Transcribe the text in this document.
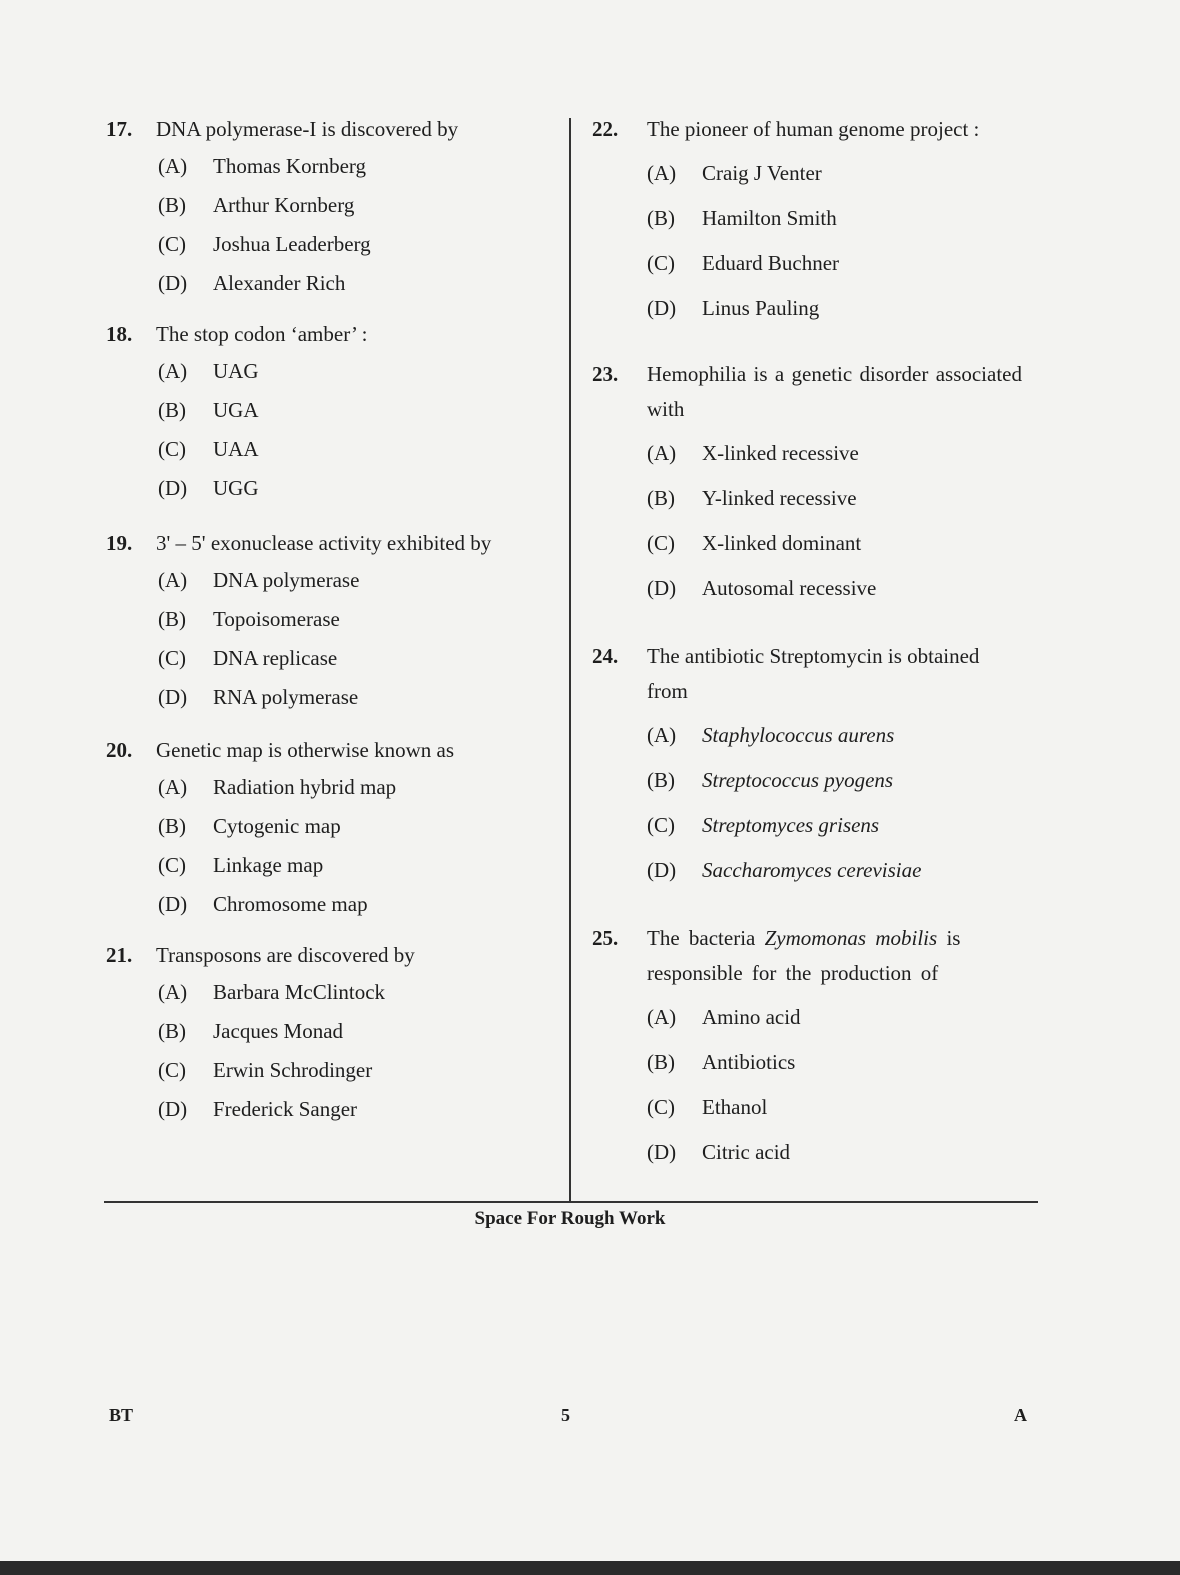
17.	DNA polymerase-I is discovered by
(A)	Thomas Kornberg
(B)	Arthur Kornberg
(C)	Joshua Leaderberg
(D)	Alexander Rich
18.	The stop codon ‘amber’ :
(A)	UAG
(B)	UGA
(C)	UAA
(D)	UGG
19.	3' – 5' exonuclease activity exhibited by
(A)	DNA polymerase
(B)	Topoisomerase
(C)	DNA replicase
(D)	RNA polymerase
20.	Genetic map is otherwise known as
(A)	Radiation hybrid map
(B)	Cytogenic map
(C)	Linkage map
(D)	Chromosome map
21.	Transposons are discovered by
(A)	Barbara McClintock
(B)	Jacques Monad
(C)	Erwin Schrodinger
(D)	Frederick Sanger
22.	The pioneer of human genome project :
(A)	Craig J Venter
(B)	Hamilton Smith
(C)	Eduard Buchner
(D)	Linus Pauling
23.	Hemophilia is a genetic disorder associated with
(A)	X-linked recessive
(B)	Y-linked recessive
(C)	X-linked dominant
(D)	Autosomal recessive
24.	The antibiotic Streptomycin is obtained from
(A)	Staphylococcus aurens
(B)	Streptococcus pyogens
(C)	Streptomyces grisens
(D)	Saccharomyces cerevisiae
25.	The bacteria Zymomonas mobilis is responsible for the production of
(A)	Amino acid
(B)	Antibiotics
(C)	Ethanol
(D)	Citric acid
Space For Rough Work
BT	5	A
